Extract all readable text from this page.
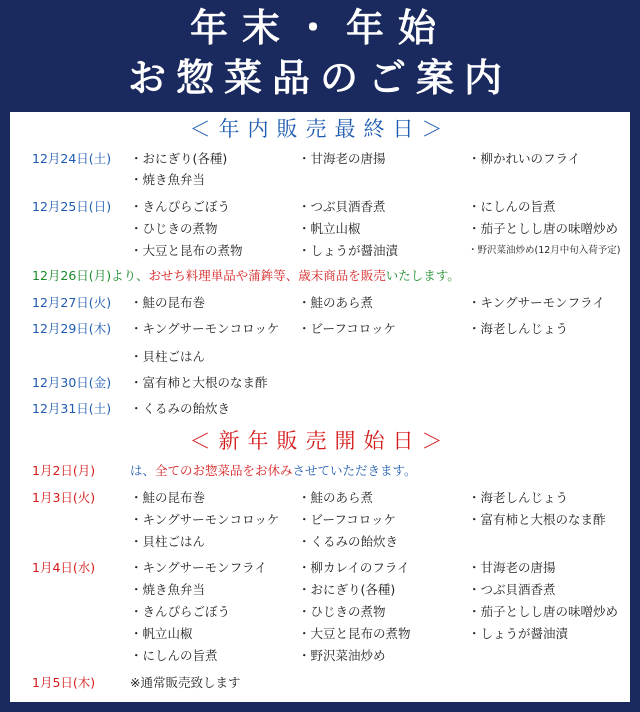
年末・年始
お惣菜品のご案内
＜年内販売最終日＞
12月24日(土) ・おにぎり(各種)	・甘海老の唐揚	・柳かれいのフライ
・焼き魚弁当
12月25日(日) ・きんぴらごぼう	・つぶ貝酒香煮	・にしんの旨煮
・ひじきの煮物	・帆立山椒	・茄子としし唐の味噌炒め
・大豆と昆布の煮物	・しょうが醤油漬	・野沢菜油炒め(12月中旬入荷予定)
12月26日(月)より、おせち料理単品や蒲鉾等、歳末商品を販売いたします。
12月27日(火) ・鮭の昆布巻	・鮭のあら煮	・キングサーモンフライ
12月29日(木) ・キングサーモンコロッケ ・ビーフコロッケ	・海老しんじょう
・貝柱ごはん
12月30日(金) ・富有柿と大根のなま酢
12月31日(土) ・くるみの飴炊き
＜新年販売開始日＞
1月2日(月)	は、全てのお惣菜品をお休みさせていただきます。
1月3日(火)	・鮭の昆布巻	・鮭のあら煮	・海老しんじょう
・キングサーモンコロッケ ・ビーフコロッケ	・富有柿と大根のなま酢
・貝柱ごはん	・くるみの飴炊き
1月4日(水)	・キングサーモンフライ ・柳カレイのフライ	・甘海老の唐揚
・焼き魚弁当	・おにぎり(各種)	・つぶ貝酒香煮
・きんぴらごぼう	・ひじきの煮物	・茄子としし唐の味噌炒め
・帆立山椒	・大豆と昆布の煮物	・しょうが醤油漬
・にしんの旨煮	・野沢菜油炒め
1月5日(木)	※通常販売致します
